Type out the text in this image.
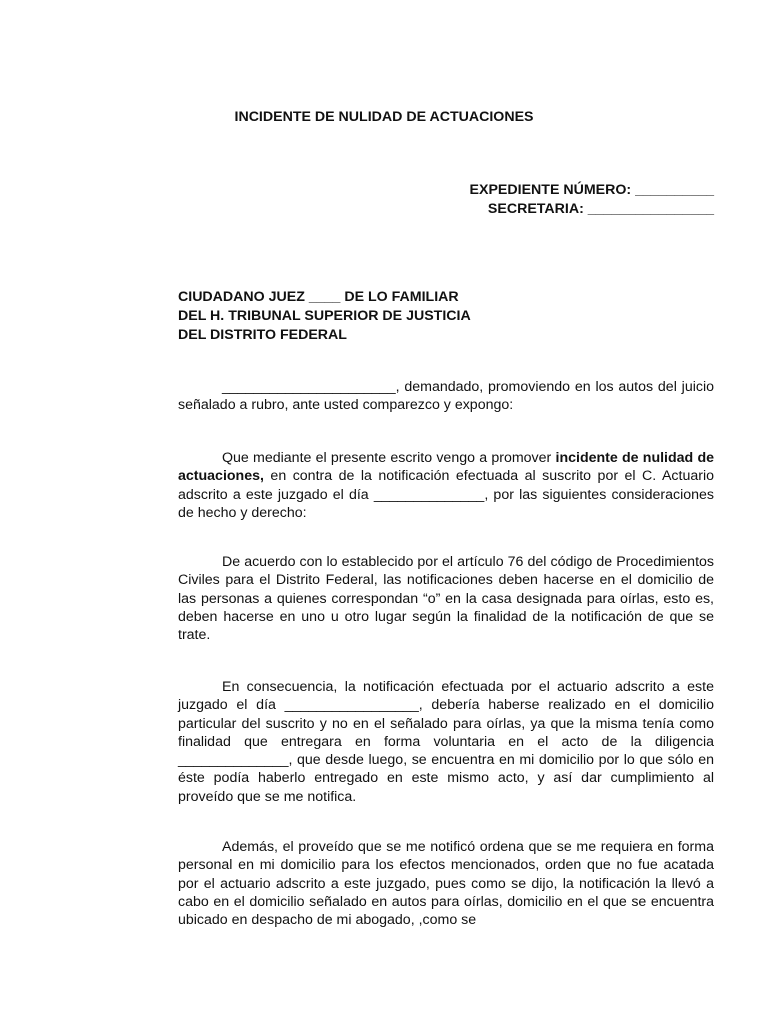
INCIDENTE DE NULIDAD DE ACTUACIONES
EXPEDIENTE NÚMERO: __________
SECRETARIA: ________________
CIUDADANO JUEZ ____ DE LO FAMILIAR
DEL H. TRIBUNAL SUPERIOR DE JUSTICIA
DEL DISTRITO FEDERAL

______________________, demandado, promoviendo en los autos del juicio señalado a rubro, ante usted comparezco y expongo:

Que mediante el presente escrito vengo a promover incidente de nulidad de actuaciones, en contra de la notificación efectuada al suscrito por el C. Actuario adscrito a este juzgado el día ______________, por las siguientes consideraciones de hecho y derecho:

De acuerdo con lo establecido por el artículo 76 del código de Procedimientos Civiles para el Distrito Federal, las notificaciones deben hacerse en el domicilio de las personas a quienes correspondan “o” en la casa designada para oírlas, esto es, deben hacerse en uno u otro lugar según la finalidad de la notificación de que se trate.

En consecuencia, la notificación efectuada por el actuario adscrito a este juzgado el día _________________, debería haberse realizado en el domicilio particular del suscrito y no en el señalado para oírlas, ya que la misma tenía como finalidad que entregara en forma voluntaria en el acto de la diligencia ______________, que desde luego, se encuentra en mi domicilio por lo que sólo en éste podía haberlo entregado en este mismo acto, y así dar cumplimiento al proveído que se me notifica.

Además, el proveído que se me notificó ordena que se me requiera en forma personal en mi domicilio para los efectos mencionados, orden que no fue acatada por el actuario adscrito a este juzgado, pues como se dijo, la notificación la llevó a cabo en el domicilio señalado en autos para oírlas, domicilio en el que se encuentra ubicado en despacho de mi abogado, ,como se
